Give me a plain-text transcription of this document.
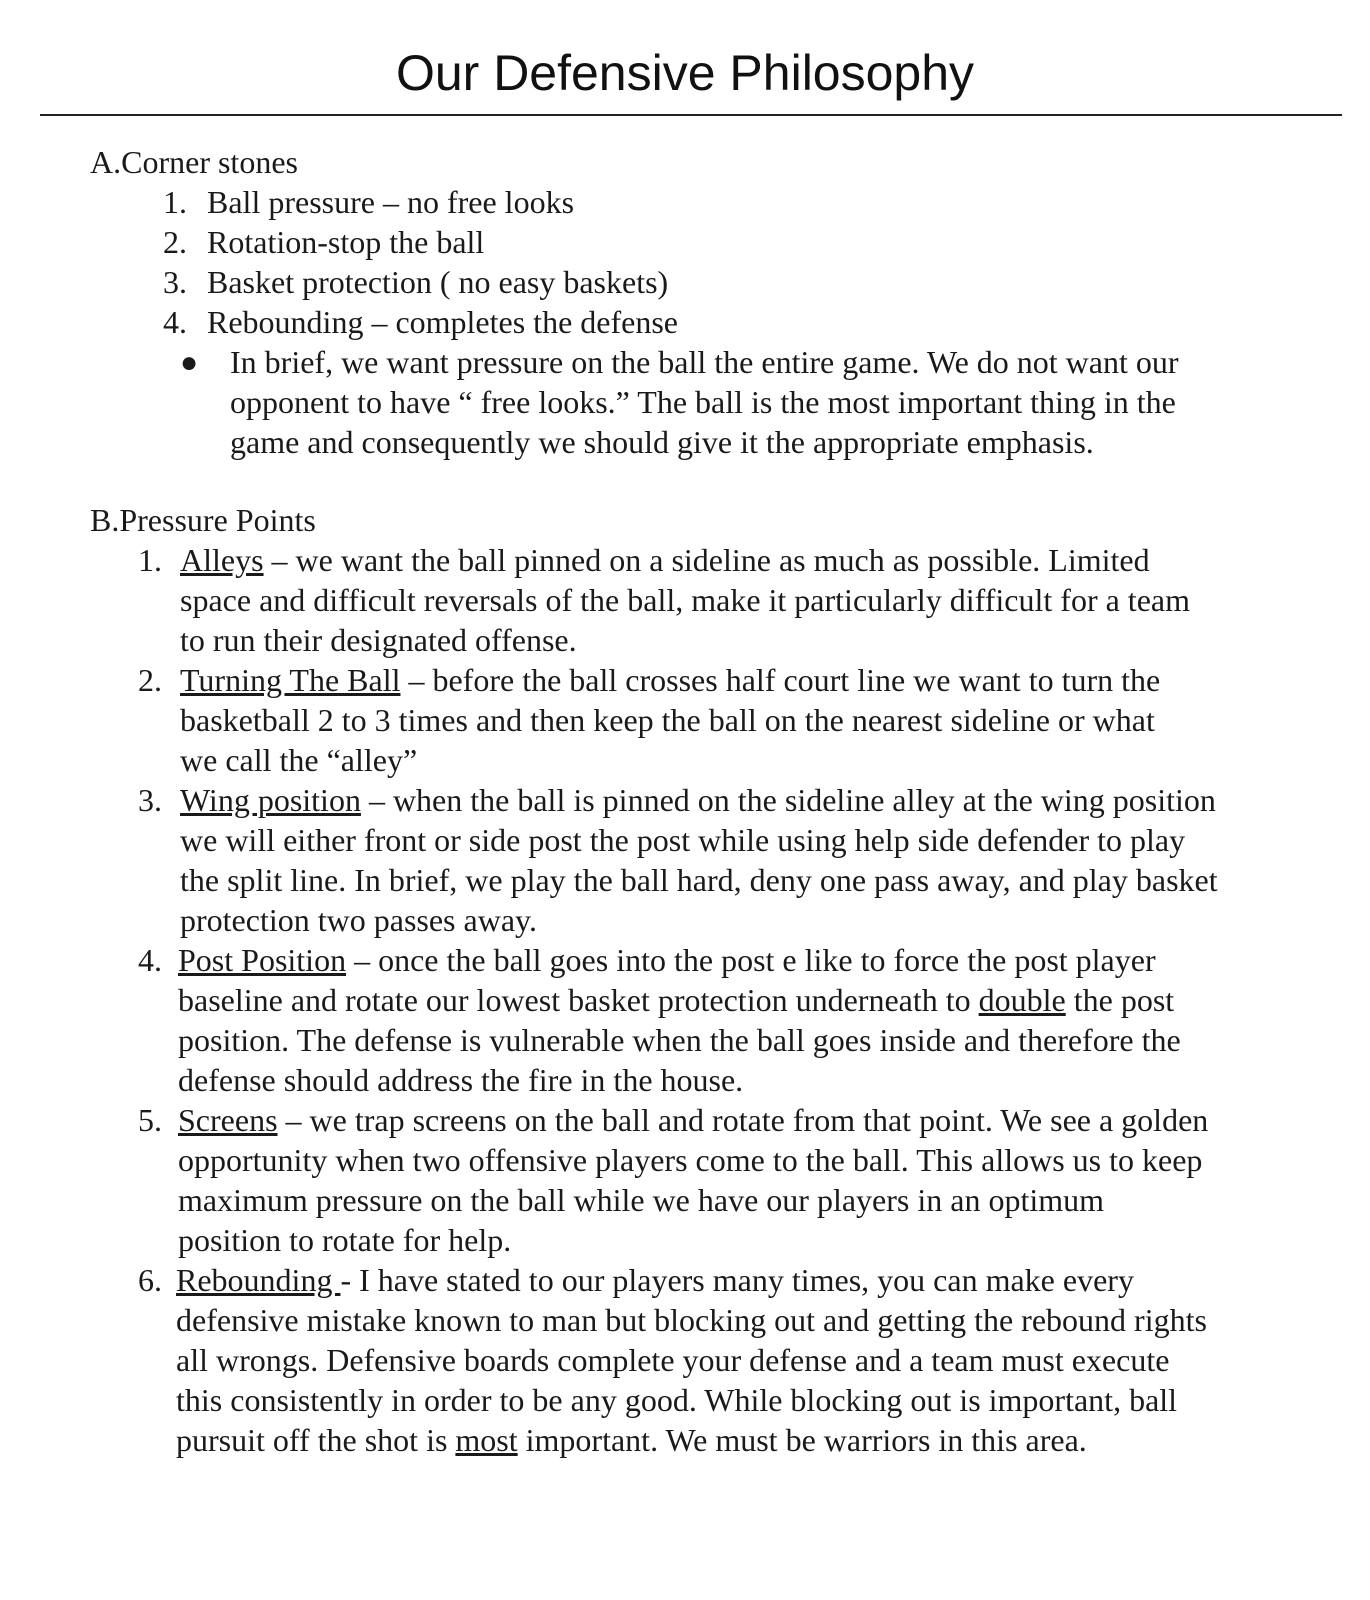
Our Defensive Philosophy
A.Corner stones
1. Ball pressure – no free looks
2. Rotation-stop the ball
3. Basket protection ( no easy baskets)
4. Rebounding – completes the defense
● In brief, we want pressure on the ball the entire game. We do not want our opponent to have “ free looks.” The ball is the most important thing in the game and consequently we should give it the appropriate emphasis.
B.Pressure Points
1. Alleys – we want the ball pinned on a sideline as much as possible. Limited space and difficult reversals of the ball, make it particularly difficult for a team to run their designated offense.
2. Turning The Ball – before the ball crosses half court line we want to turn the basketball 2 to 3 times and then keep the ball on the nearest sideline or what we call the “alley”
3. Wing position – when the ball is pinned on the sideline alley at the wing position we will either front or side post the post while using help side defender to play the split line. In brief, we play the ball hard, deny one pass away, and play basket protection two passes away.
4. Post Position – once the ball goes into the post e like to force the post player baseline and rotate our lowest basket protection underneath to double the post position. The defense is vulnerable when the ball goes inside and therefore the defense should address the fire in the house.
5. Screens – we trap screens on the ball and rotate from that point. We see a golden opportunity when two offensive players come to the ball. This allows us to keep maximum pressure on the ball while we have our players in an optimum position to rotate for help.
6. Rebounding - I have stated to our players many times, you can make every defensive mistake known to man but blocking out and getting the rebound rights all wrongs. Defensive boards complete your defense and a team must execute this consistently in order to be any good. While blocking out is important, ball pursuit off the shot is most important. We must be warriors in this area.
